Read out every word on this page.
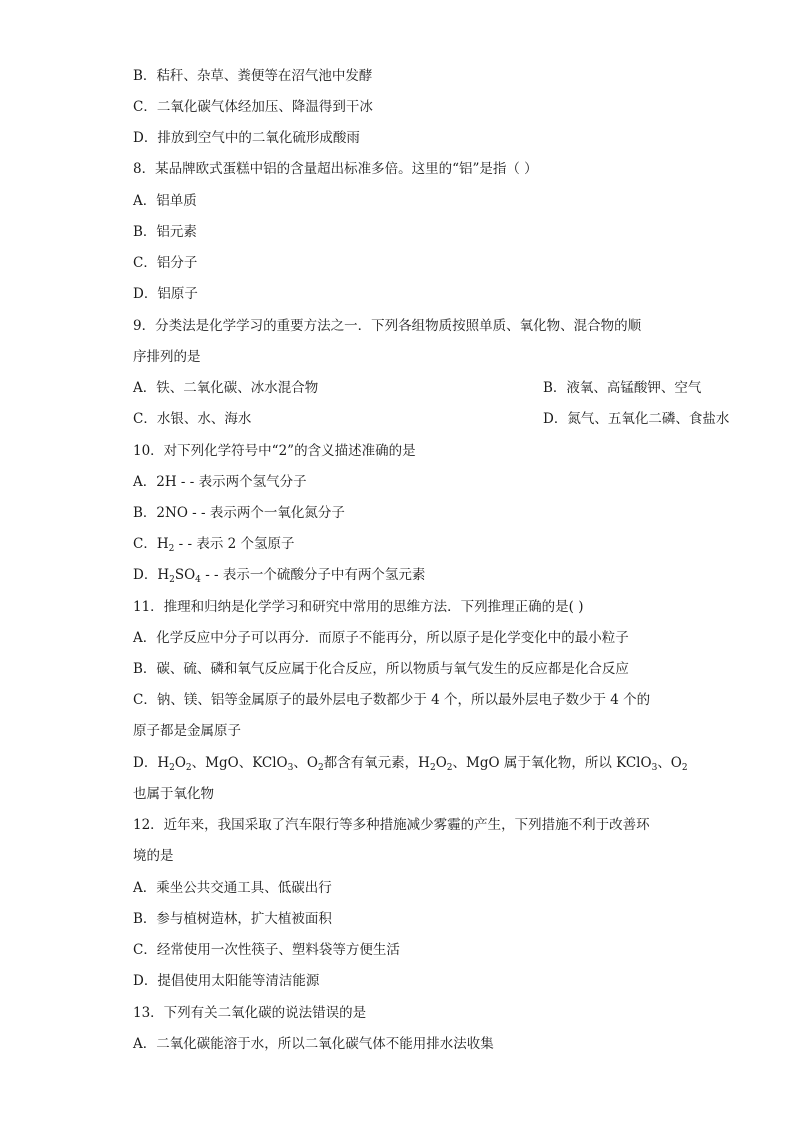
B．秸秆、杂草、粪便等在沼气池中发酵
C．二氧化碳气体经加压、降温得到干冰
D．排放到空气中的二氧化硫形成酸雨
8．某品牌欧式蛋糕中铝的含量超出标准多倍。这里的“铝”是指（ ）
A．铝单质
B．铝元素
C．铝分子
D．铝原子
9．分类法是化学学习的重要方法之一．下列各组物质按照单质、氧化物、混合物的顺
序排列的是
A．铁、二氧化碳、冰水混合物	B．液氧、高锰酸钾、空气
C．水银、水、海水	D．氮气、五氧化二磷、食盐水
10．对下列化学符号中“2”的含义描述准确的是
A．2H - - 表示两个氢气分子
B．2NO - - 表示两个一氧化氮分子
C．$H_2$ - - 表示 2 个氢原子
D．$H_2SO_4$ - - 表示一个硫酸分子中有两个氢元素
11．推理和归纳是化学学习和研究中常用的思维方法．下列推理正确的是( )
A．化学反应中分子可以再分．而原子不能再分，所以原子是化学变化中的最小粒子
B．碳、硫、磷和氧气反应属于化合反应，所以物质与氧气发生的反应都是化合反应
C．钠、镁、铝等金属原子的最外层电子数都少于 4 个，所以最外层电子数少于 4 个的
原子都是金属原子
D．$H_2O_2$、MgO、KClO$_3$、$O_2$都含有氧元素，$H_2O_2$、MgO 属于氧化物，所以 KClO$_3$、$O_2$
也属于氧化物
12．近年来，我国采取了汽车限行等多种措施减少雾霾的产生，下列措施不利于改善环
境的是
A．乘坐公共交通工具、低碳出行
B．参与植树造林，扩大植被面积
C．经常使用一次性筷子、塑料袋等方便生活
D．提倡使用太阳能等清洁能源
13．下列有关二氧化碳的说法错误的是
A．二氧化碳能溶于水，所以二氧化碳气体不能用排水法收集
